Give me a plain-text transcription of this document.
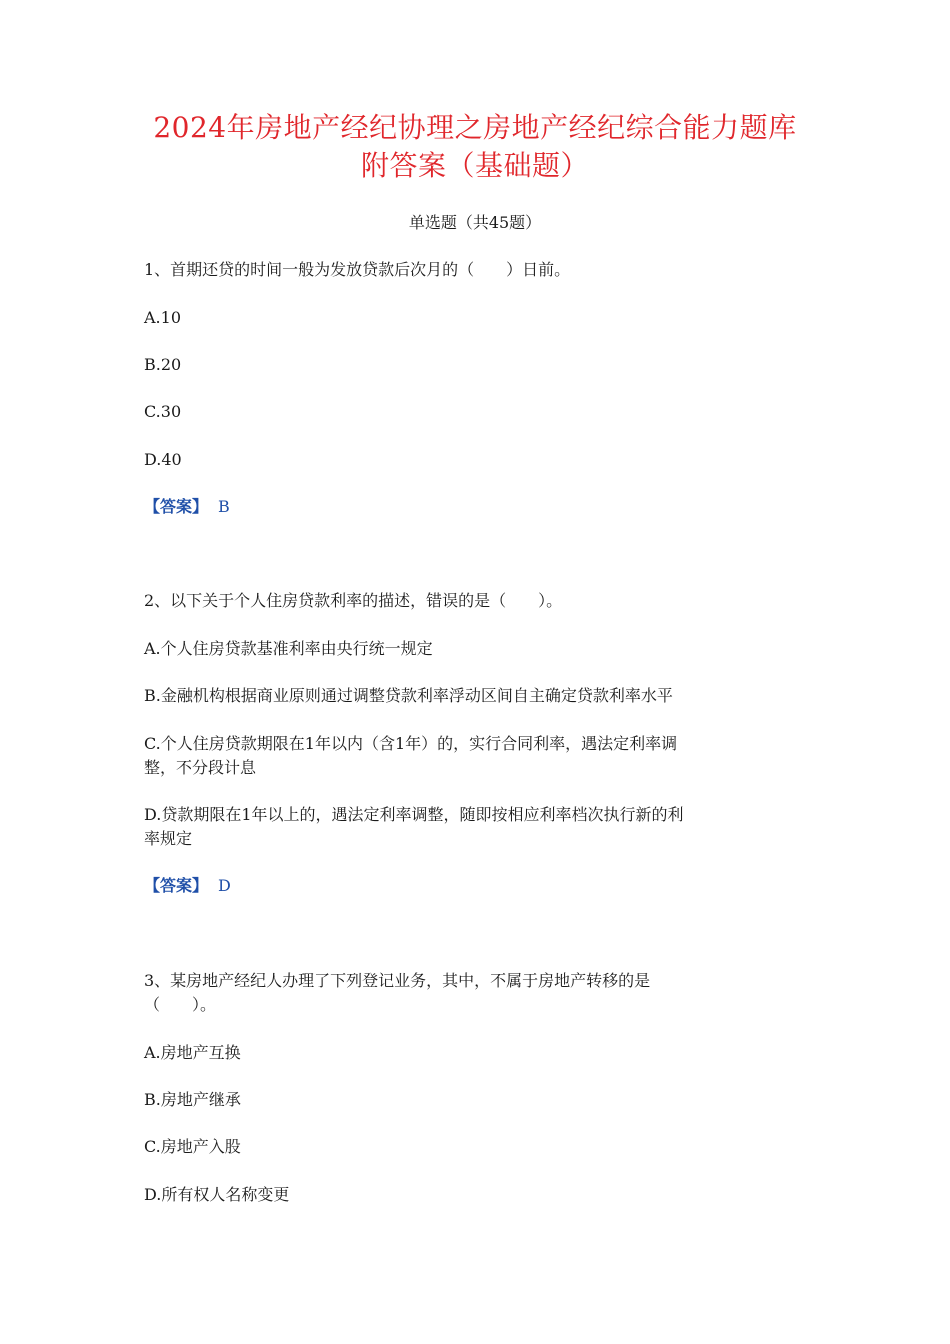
2024年房地产经纪协理之房地产经纪综合能力题库
附答案（基础题）
单选题（共45题）
1、首期还贷的时间一般为发放贷款后次月的（　　）日前。
A.10
B.20
C.30
D.40
【答案】 B
2、以下关于个人住房贷款利率的描述，错误的是（　　）。
A.个人住房贷款基准利率由央行统一规定
B.金融机构根据商业原则通过调整贷款利率浮动区间自主确定贷款利率水平
C.个人住房贷款期限在1年以内（含1年）的，实行合同利率，遇法定利率调
整，不分段计息
D.贷款期限在1年以上的，遇法定利率调整，随即按相应利率档次执行新的利
率规定
【答案】 D
3、某房地产经纪人办理了下列登记业务，其中，不属于房地产转移的是
（　　）。
A.房地产互换
B.房地产继承
C.房地产入股
D.所有权人名称变更
